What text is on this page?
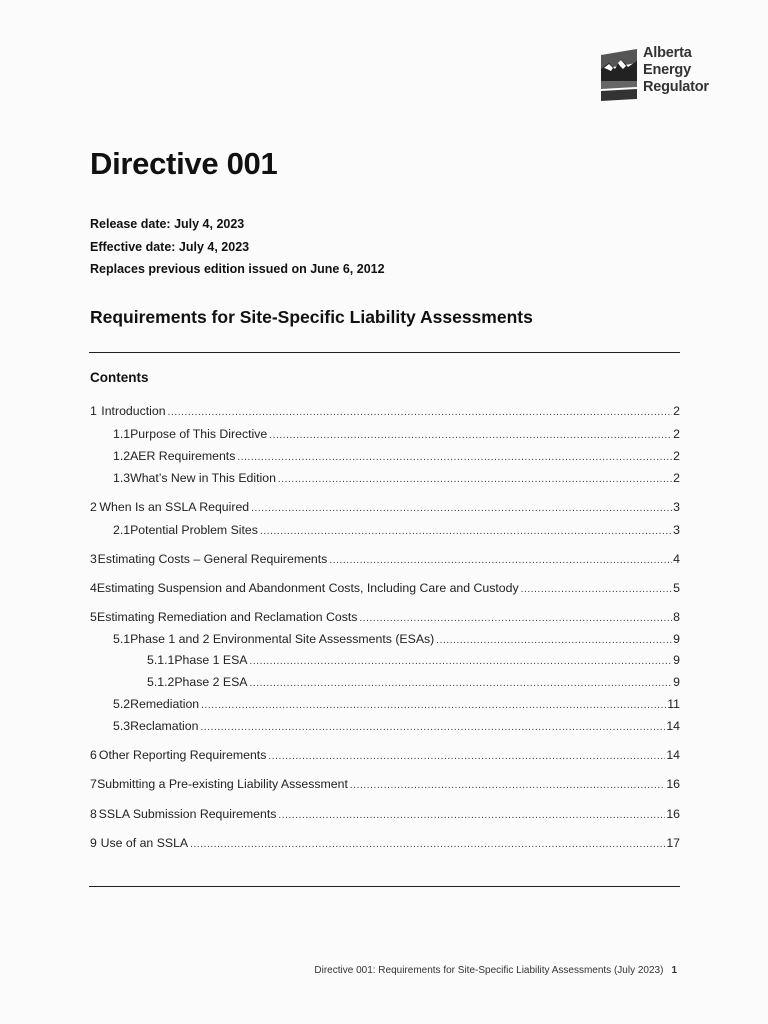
Alberta
Energy
Regulator
Directive 001
Release date: July 4, 2023
Effective date: July 4, 2023
Replaces previous edition issued on June 6, 2012
Requirements for Site-Specific Liability Assessments
Contents
1 Introduction .....	2
1.1 Purpose of This Directive .....	2
1.2 AER Requirements .....	2
1.3 What’s New in This Edition .....	2
2 When Is an SSLA Required .....	3
2.1 Potential Problem Sites .....	3
3 Estimating Costs – General Requirements .....	4
4 Estimating Suspension and Abandonment Costs, Including Care and Custody .....	5
5 Estimating Remediation and Reclamation Costs .....	8
5.1 Phase 1 and 2 Environmental Site Assessments (ESAs) .....	9
5.1.1 Phase 1 ESA .....	9
5.1.2 Phase 2 ESA .....	9
5.2 Remediation .....	11
5.3 Reclamation .....	14
6 Other Reporting Requirements .....	14
7 Submitting a Pre-existing Liability Assessment .....	16
8 SSLA Submission Requirements .....	16
9 Use of an SSLA .....	17
Directive 001: Requirements for Site-Specific Liability Assessments (July 2023) 1
